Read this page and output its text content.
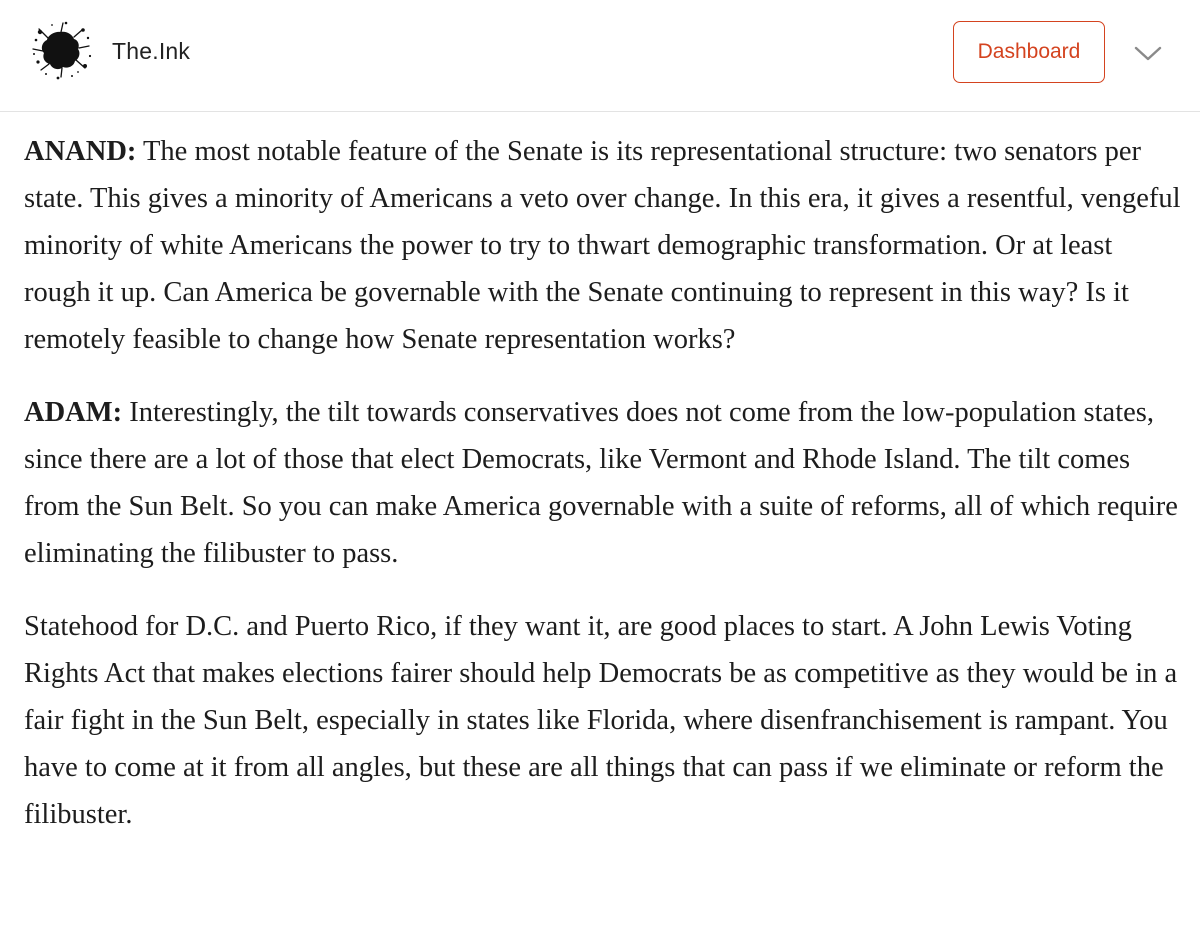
The.Ink	Dashboard

ANAND: The most notable feature of the Senate is its representational structure: two senators per state. This gives a minority of Americans a veto over change. In this era, it gives a resentful, vengeful minority of white Americans the power to try to thwart demographic transformation. Or at least rough it up. Can America be governable with the Senate continuing to represent in this way? Is it remotely feasible to change how Senate representation works?

ADAM: Interestingly, the tilt towards conservatives does not come from the low-population states, since there are a lot of those that elect Democrats, like Vermont and Rhode Island. The tilt comes from the Sun Belt. So you can make America governable with a suite of reforms, all of which require eliminating the filibuster to pass.

Statehood for D.C. and Puerto Rico, if they want it, are good places to start. A John Lewis Voting Rights Act that makes elections fairer should help Democrats be as competitive as they would be in a fair fight in the Sun Belt, especially in states like Florida, where disenfranchisement is rampant. You have to come at it from all angles, but these are all things that can pass if we eliminate or reform the filibuster.
